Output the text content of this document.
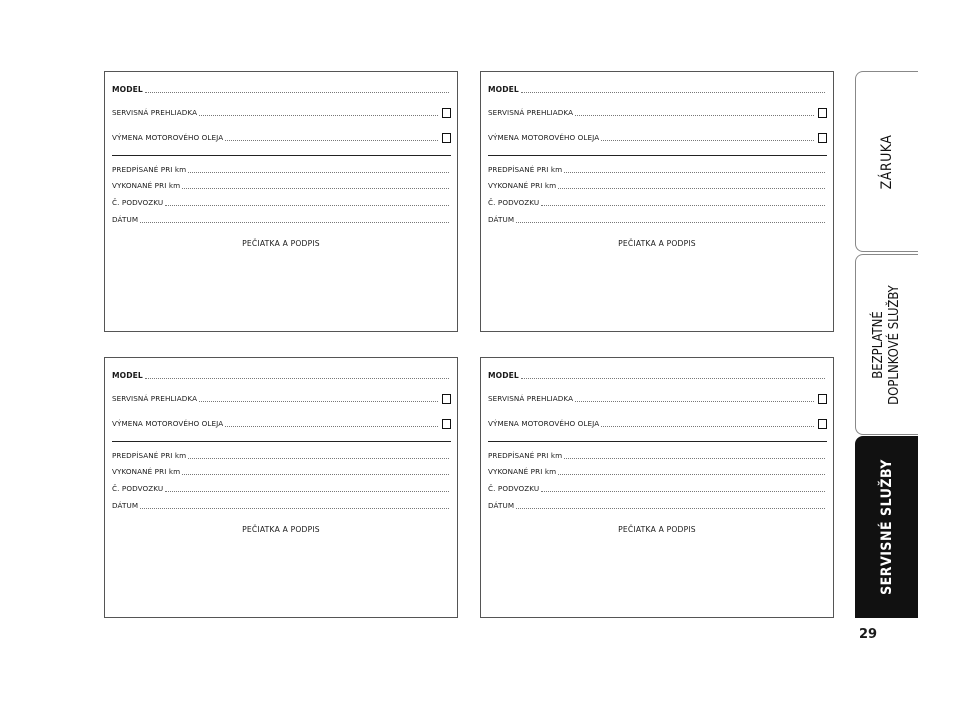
MODEL
SERVISNÁ PREHLIADKA
VÝMENA MOTOROVÉHO OLEJA
PREDPÍSANÉ PRI km
VYKONANÉ PRI km
Č. PODVOZKU
DÁTUM
PEČIATKA A PODPIS
MODEL
SERVISNÁ PREHLIADKA
VÝMENA MOTOROVÉHO OLEJA
PREDPÍSANÉ PRI km
VYKONANÉ PRI km
Č. PODVOZKU
DÁTUM
PEČIATKA A PODPIS
MODEL
SERVISNÁ PREHLIADKA
VÝMENA MOTOROVÉHO OLEJA
PREDPÍSANÉ PRI km
VYKONANÉ PRI km
Č. PODVOZKU
DÁTUM
PEČIATKA A PODPIS
MODEL
SERVISNÁ PREHLIADKA
VÝMENA MOTOROVÉHO OLEJA
PREDPÍSANÉ PRI km
VYKONANÉ PRI km
Č. PODVOZKU
DÁTUM
PEČIATKA A PODPIS
ZÁRUKA
BEZPLATNÉ DOPLNKOVÉ SLUŽBY
SERVISNÉ SLUŽBY
29
